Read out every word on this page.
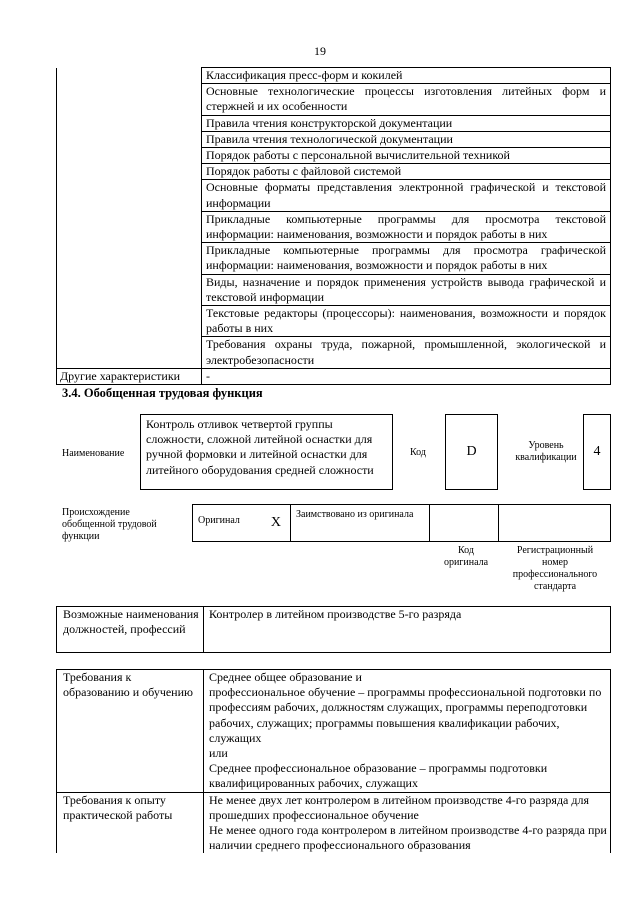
19
	Классификация пресс-форм и кокилей
	Основные технологические процессы изготовления литейных форм и стержней и их особенности
	Правила чтения конструкторской документации
	Правила чтения технологической документации
	Порядок работы с персональной вычислительной техникой
	Порядок работы с файловой системой
	Основные форматы представления электронной графической и текстовой информации
	Прикладные компьютерные программы для просмотра текстовой информации: наименования, возможности и порядок работы в них
	Прикладные компьютерные программы для просмотра графической информации: наименования, возможности и порядок работы в них
	Виды, назначение и порядок применения устройств вывода графической и текстовой информации
	Текстовые редакторы (процессоры): наименования, возможности и порядок работы в них
	Требования охраны труда, пожарной, промышленной, экологической и электробезопасности
Другие характеристики	-
3.4. Обобщенная трудовая функция
Наименование
Контроль отливок четвертой группы сложности, сложной литейной оснастки для ручной формовки и литейной оснастки для литейного оборудования средней сложности
Код	D	Уровень квалификации	4
Происхождение обобщенной трудовой функции
Оригинал X
	Заимствовано из оригинала		
Код оригинала
Регистрационный номер профессионального стандарта
Возможные наименования должностей, профессий	Контролер в литейном производстве 5-го разряда
Требования к образованию и обучению	Среднее общее образование и
профессиональное обучение – программы профессиональной подготовки по профессиям рабочих, должностям служащих, программы переподготовки рабочих, служащих; программы повышения квалификации рабочих, служащих
или
Среднее профессиональное образование – программы подготовки квалифицированных рабочих, служащих

Требования к опыту практической работы	Не менее двух лет контролером в литейном производстве 4-го разряда для прошедших профессиональное обучение
Не менее одного года контролером в литейном производстве 4-го разряда при наличии среднего профессионального образования
